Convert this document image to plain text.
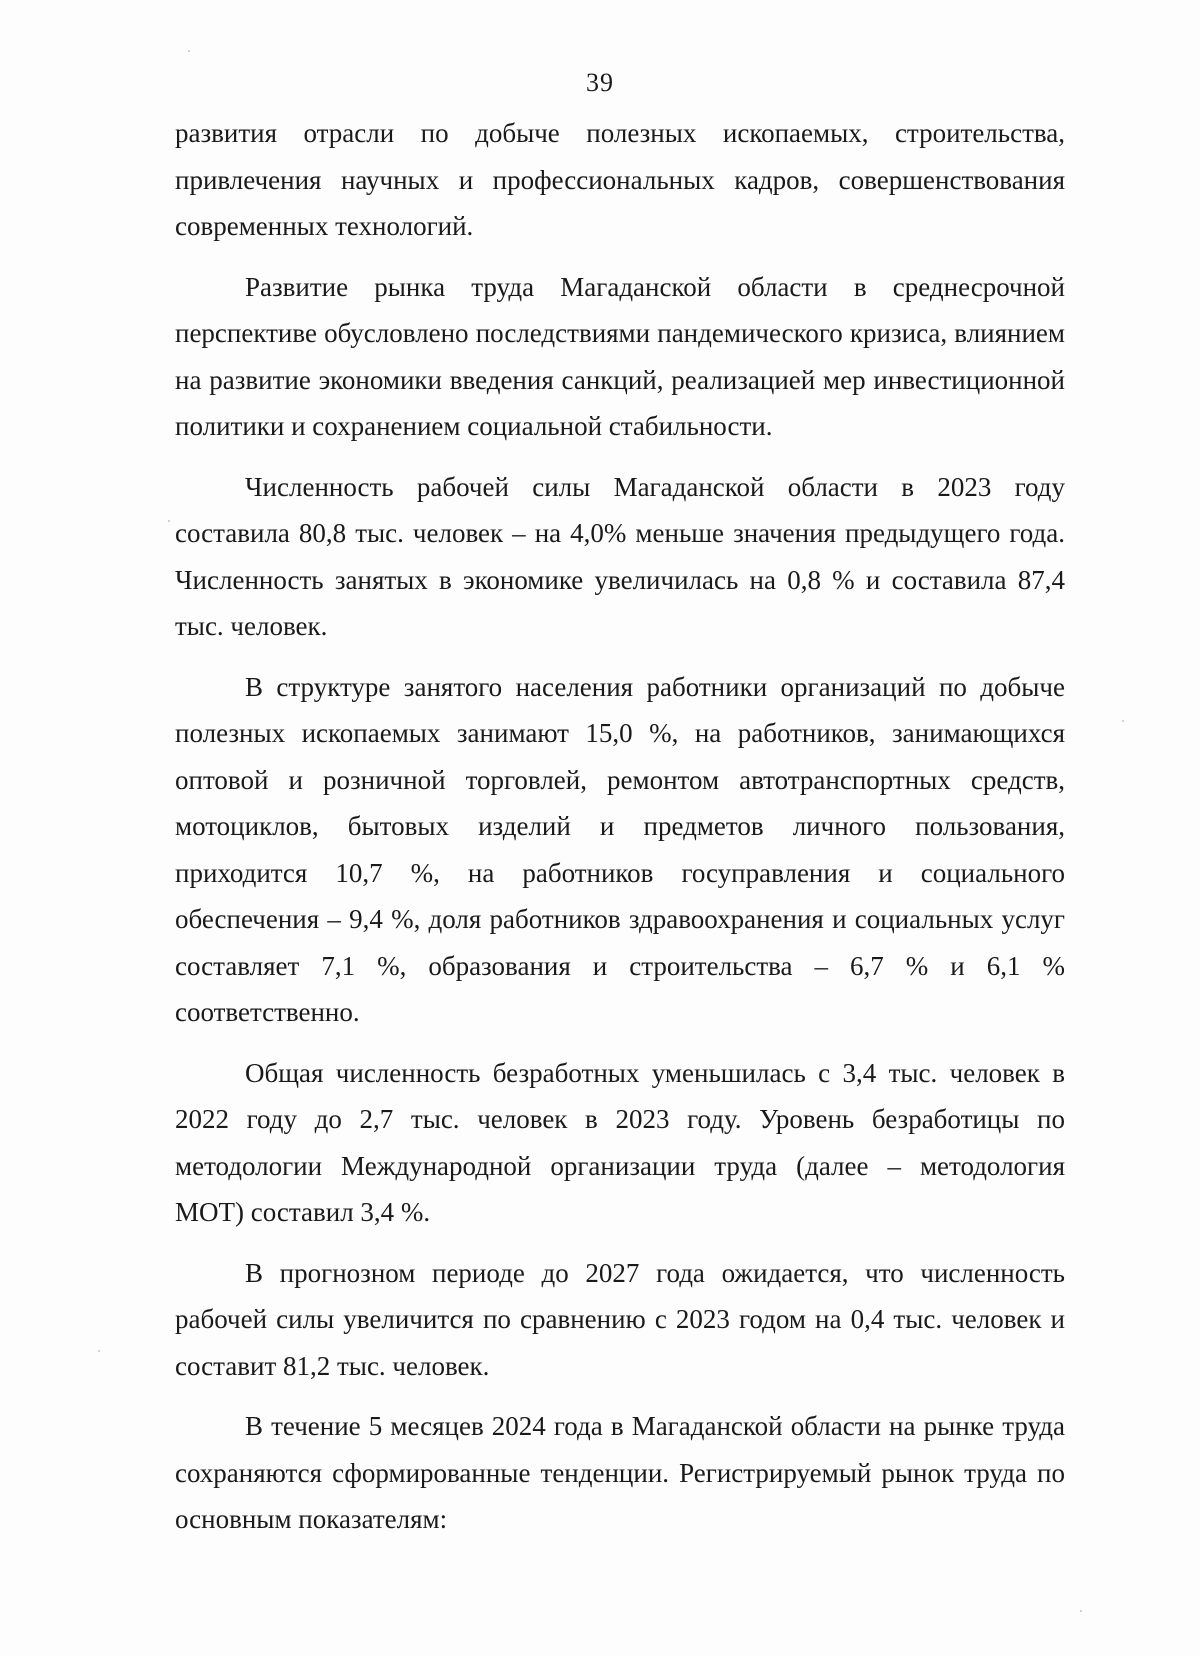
39

развития отрасли по добыче полезных ископаемых, строительства, привлечения научных и профессиональных кадров, совершенствования современных технологий.

Развитие рынка труда Магаданской области в среднесрочной перспективе обусловлено последствиями пандемического кризиса, влиянием на развитие экономики введения санкций, реализацией мер инвестиционной политики и сохранением социальной стабильности.

Численность рабочей силы Магаданской области в 2023 году составила 80,8 тыс. человек – на 4,0% меньше значения предыдущего года. Численность занятых в экономике увеличилась на 0,8 % и составила 87,4 тыс. человек.

В структуре занятого населения работники организаций по добыче полезных ископаемых занимают 15,0 %, на работников, занимающихся оптовой и розничной торговлей, ремонтом автотранспортных средств, мотоциклов, бытовых изделий и предметов личного пользования, приходится 10,7 %, на работников госуправления и социального обеспечения – 9,4 %, доля работников здравоохранения и социальных услуг составляет 7,1 %, образования и строительства – 6,7 % и 6,1 % соответственно.

Общая численность безработных уменьшилась с 3,4 тыс. человек в 2022 году до 2,7 тыс. человек в 2023 году. Уровень безработицы по методологии Международной организации труда (далее – методология МОТ) составил 3,4 %.

В прогнозном периоде до 2027 года ожидается, что численность рабочей силы увеличится по сравнению с 2023 годом на 0,4 тыс. человек и составит 81,2 тыс. человек.

В течение 5 месяцев 2024 года в Магаданской области на рынке труда сохраняются сформированные тенденции. Регистрируемый рынок труда по основным показателям:
